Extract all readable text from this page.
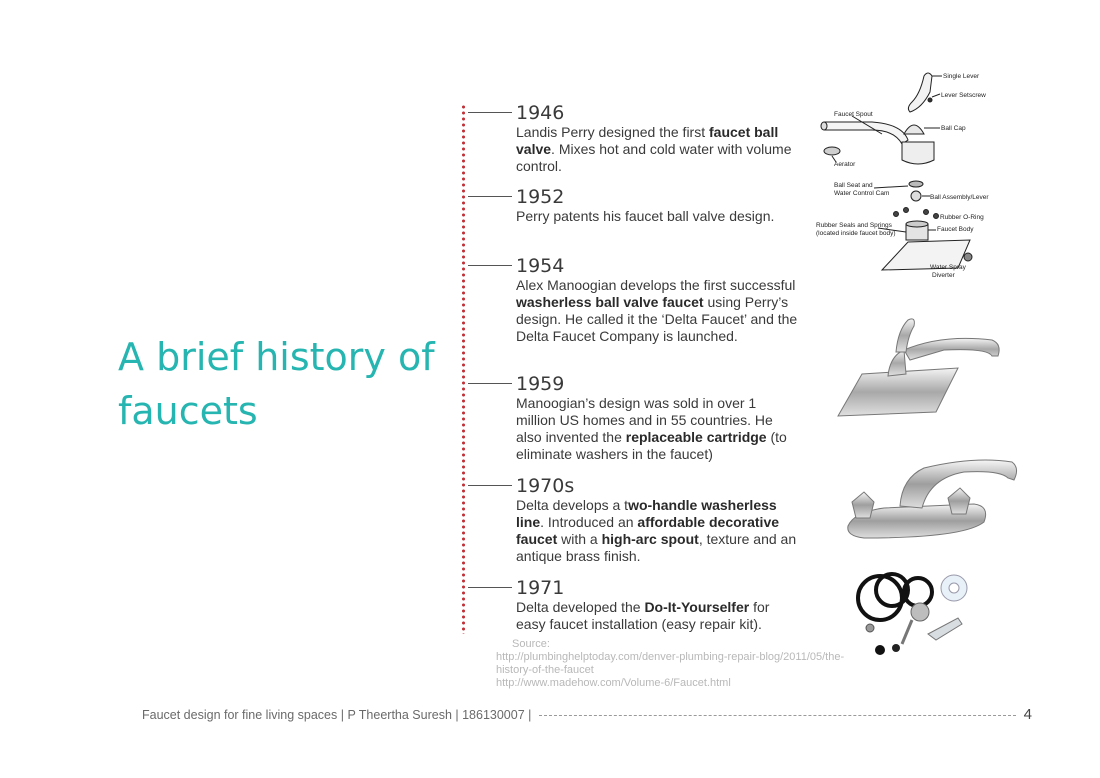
A brief history of faucets
1946
Landis Perry designed the first faucet ball valve. Mixes hot and cold water with volume control.
1952
Perry patents his faucet ball valve design.
1954
Alex Manoogian develops the first successful washerless ball valve faucet using Perry’s design. He called it the ‘Delta Faucet’ and the Delta Faucet Company is launched.
1959
Manoogian’s design was sold in over 1 million US homes and in 55 countries. He also invented the replaceable cartridge (to eliminate washers in the faucet)
1970s
Delta develops a two-handle washerless line. Introduced an affordable decorative faucet with a high-arc spout, texture and an antique brass finish.
1971
Delta developed the Do-It-Yourselfer for easy faucet installation (easy repair kit).
Source:
http://plumbinghelptoday.com/denver-plumbing-repair-blog/2011/05/the-history-of-the-faucet
http://www.madehow.com/Volume-6/Faucet.html
Single Lever
Lever Setscrew
Faucet Spout
Ball Cap
Aerator
Ball Seat and
Water Control Cam
Ball Assembly/Lever
Rubber O-Ring
Rubber Seals and Springs
(located inside faucet body)
Faucet Body
Water Spray
Diverter
Faucet design for fine living spaces | P Theertha Suresh | 186130007 |	4
